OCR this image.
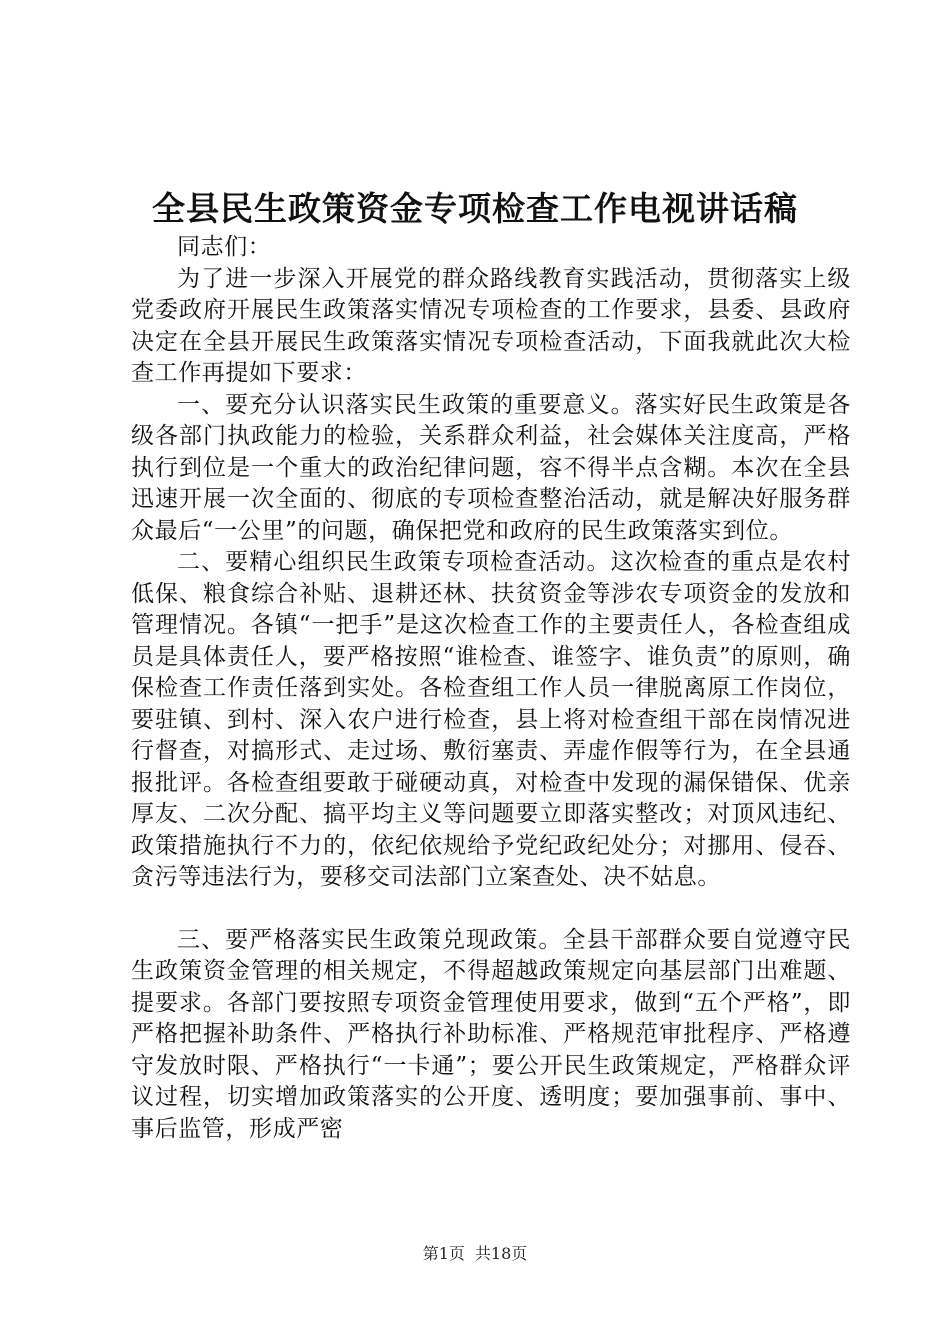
全县民生政策资金专项检查工作电视讲话稿

同志们：

为了进一步深入开展党的群众路线教育实践活动，贯彻落实上级党委政府开展民生政策落实情况专项检查的工作要求，县委、县政府决定在全县开展民生政策落实情况专项检查活动，下面我就此次大检查工作再提如下要求：

一、要充分认识落实民生政策的重要意义。落实好民生政策是各级各部门执政能力的检验，关系群众利益，社会媒体关注度高，严格执行到位是一个重大的政治纪律问题，容不得半点含糊。本次在全县迅速开展一次全面的、彻底的专项检查整治活动，就是解决好服务群众最后“一公里”的问题，确保把党和政府的民生政策落实到位。

二、要精心组织民生政策专项检查活动。这次检查的重点是农村低保、粮食综合补贴、退耕还林、扶贫资金等涉农专项资金的发放和管理情况。各镇“一把手”是这次检查工作的主要责任人，各检查组成员是具体责任人，要严格按照“谁检查、谁签字、谁负责”的原则，确保检查工作责任落到实处。各检查组工作人员一律脱离原工作岗位，要驻镇、到村、深入农户进行检查，县上将对检查组干部在岗情况进行督查，对搞形式、走过场、敷衍塞责、弄虚作假等行为，在全县通报批评。各检查组要敢于碰硬动真，对检查中发现的漏保错保、优亲厚友、二次分配、搞平均主义等问题要立即落实整改；对顶风违纪、政策措施执行不力的，依纪依规给予党纪政纪处分；对挪用、侵吞、贪污等违法行为，要移交司法部门立案查处、决不姑息。

三、要严格落实民生政策兑现政策。全县干部群众要自觉遵守民生政策资金管理的相关规定，不得超越政策规定向基层部门出难题、提要求。各部门要按照专项资金管理使用要求，做到“五个严格”，即严格把握补助条件、严格执行补助标准、严格规范审批程序、严格遵守发放时限、严格执行“一卡通”；要公开民生政策规定，严格群众评议过程，切实增加政策落实的公开度、透明度；要加强事前、事中、事后监管，形成严密

第1页 共18页
